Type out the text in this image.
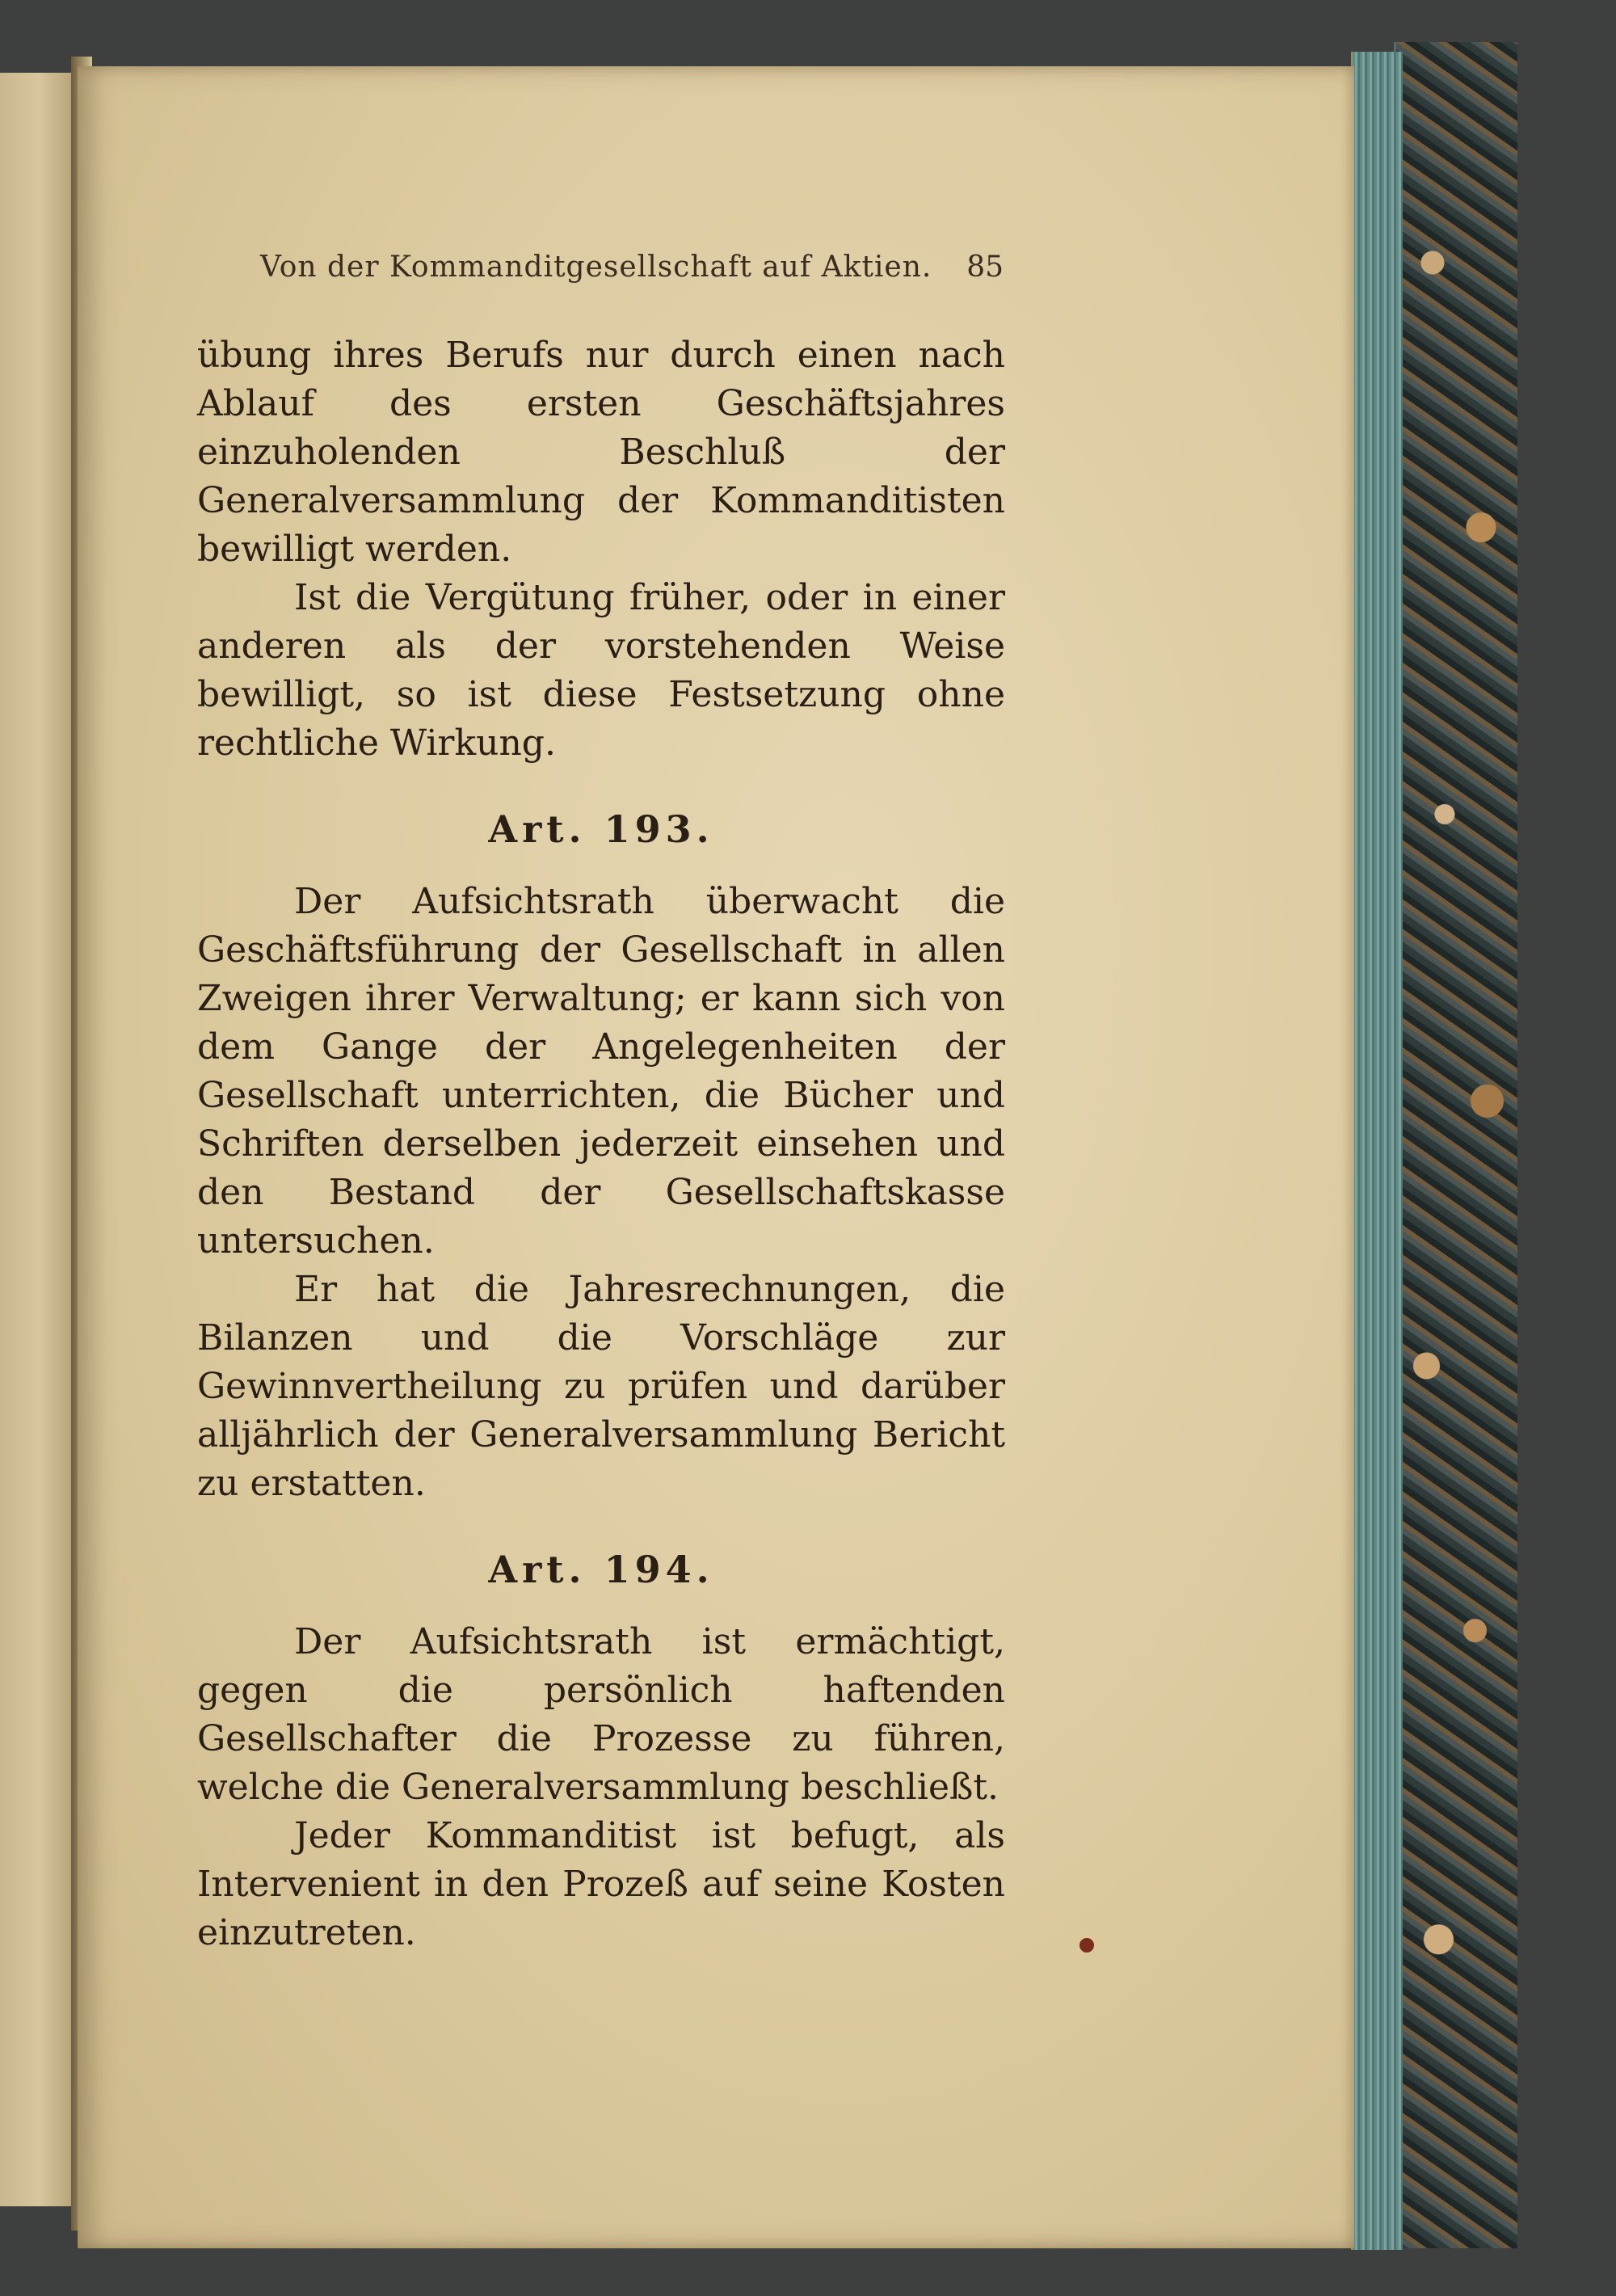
Von der Kommanditgesellschaft auf Aktien. 85

übung ihres Berufs nur durch einen nach Ablauf des ersten Geschäftsjahres einzuholenden Beschluß der Generalversammlung der Kommanditisten bewilligt werden.

Ist die Vergütung früher, oder in einer anderen als der vorstehenden Weise bewilligt, so ist diese Festsetzung ohne rechtliche Wirkung.

Art. 193.

Der Aufsichtsrath überwacht die Geschäftsführung der Gesellschaft in allen Zweigen ihrer Verwaltung; er kann sich von dem Gange der Angelegenheiten der Gesellschaft unterrichten, die Bücher und Schriften derselben jederzeit einsehen und den Bestand der Gesellschaftskasse untersuchen.

Er hat die Jahresrechnungen, die Bilanzen und die Vorschläge zur Gewinnvertheilung zu prüfen und darüber alljährlich der Generalversammlung Bericht zu erstatten.

Art. 194.

Der Aufsichtsrath ist ermächtigt, gegen die persönlich haftenden Gesellschafter die Prozesse zu führen, welche die Generalversammlung beschließt.

Jeder Kommanditist ist befugt, als Intervenient in den Prozeß auf seine Kosten einzutreten.
